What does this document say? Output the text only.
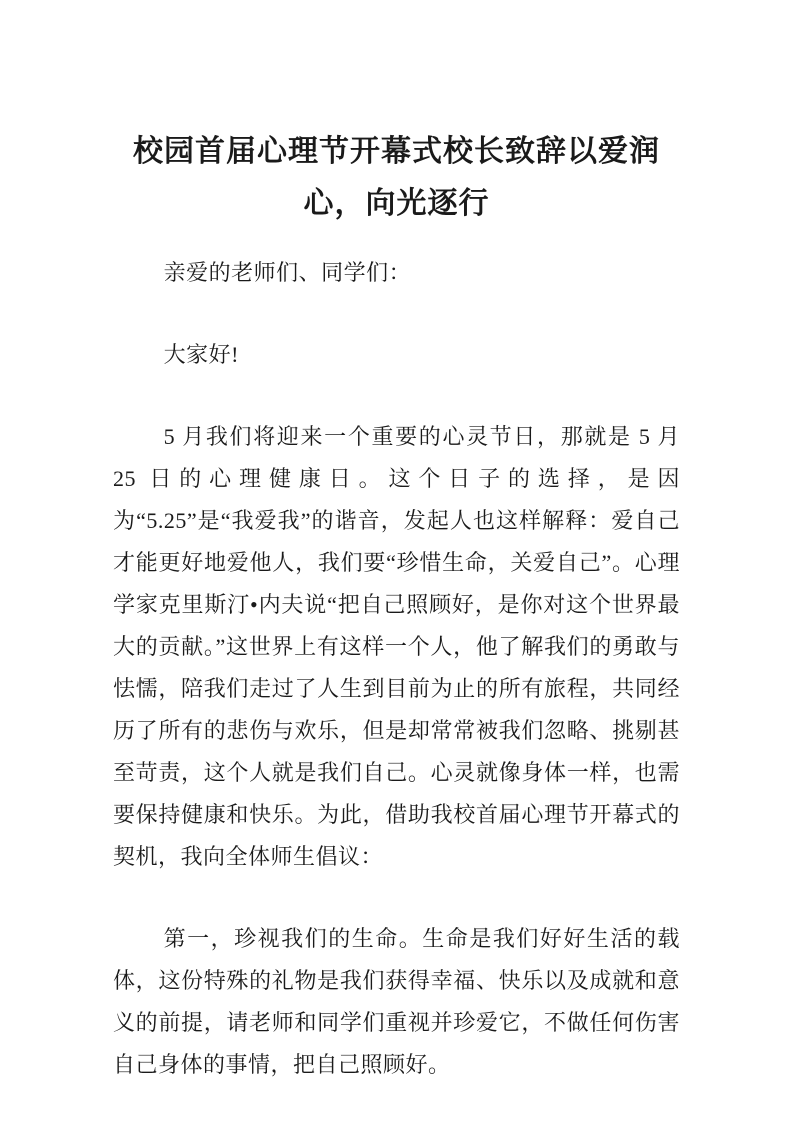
校园首届心理节开幕式校长致辞以爱润心，向光逐行

亲爱的老师们、同学们：

大家好!

5 月我们将迎来一个重要的心灵节日，那就是 5 月 25 日的心理健康日。这个日子的选择，是因为“5.25”是“我爱我”的谐音，发起人也这样解释：爱自己才能更好地爱他人，我们要“珍惜生命，关爱自己”。心理学家克里斯汀•内夫说“把自己照顾好，是你对这个世界最大的贡献。”这世界上有这样一个人，他了解我们的勇敢与怯懦，陪我们走过了人生到目前为止的所有旅程，共同经历了所有的悲伤与欢乐，但是却常常被我们忽略、挑剔甚至苛责，这个人就是我们自己。心灵就像身体一样，也需要保持健康和快乐。为此，借助我校首届心理节开幕式的契机，我向全体师生倡议：

第一，珍视我们的生命。生命是我们好好生活的载体，这份特殊的礼物是我们获得幸福、快乐以及成就和意义的前提，请老师和同学们重视并珍爱它，不做任何伤害自己身体的事情，把自己照顾好。
